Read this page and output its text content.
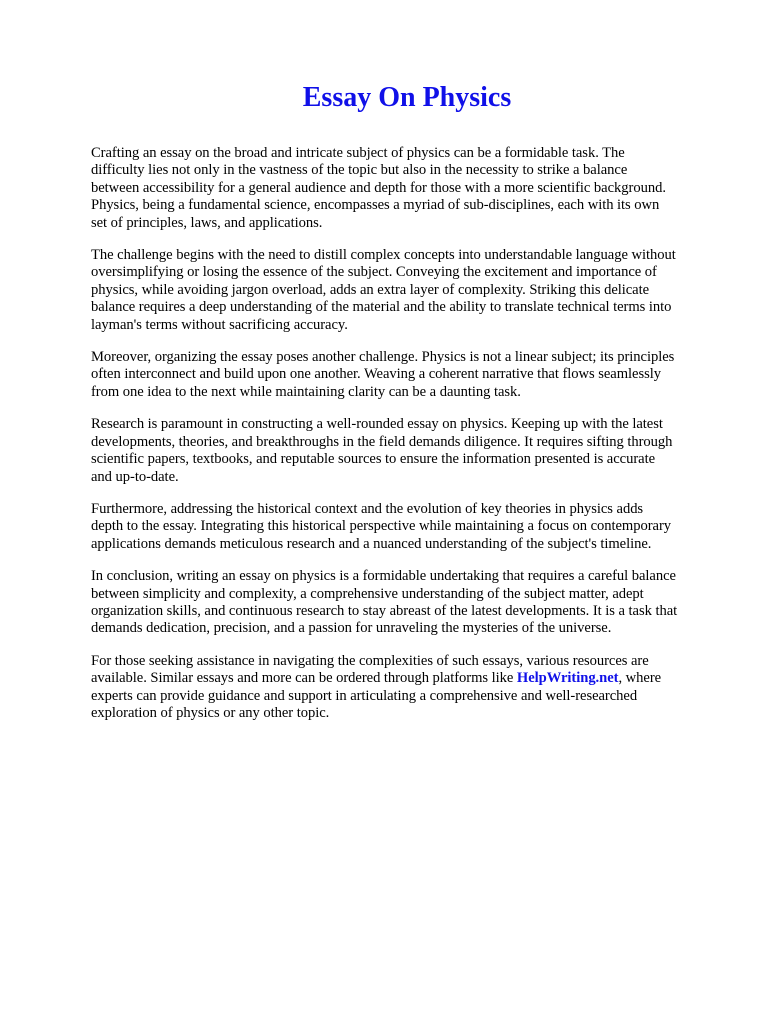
Essay On Physics

Crafting an essay on the broad and intricate subject of physics can be a formidable task. The
difficulty lies not only in the vastness of the topic but also in the necessity to strike a balance
between accessibility for a general audience and depth for those with a more scientific background.
Physics, being a fundamental science, encompasses a myriad of sub-disciplines, each with its own
set of principles, laws, and applications.

The challenge begins with the need to distill complex concepts into understandable language without
oversimplifying or losing the essence of the subject. Conveying the excitement and importance of
physics, while avoiding jargon overload, adds an extra layer of complexity. Striking this delicate
balance requires a deep understanding of the material and the ability to translate technical terms into
layman's terms without sacrificing accuracy.

Moreover, organizing the essay poses another challenge. Physics is not a linear subject; its principles
often interconnect and build upon one another. Weaving a coherent narrative that flows seamlessly
from one idea to the next while maintaining clarity can be a daunting task.

Research is paramount in constructing a well-rounded essay on physics. Keeping up with the latest
developments, theories, and breakthroughs in the field demands diligence. It requires sifting through
scientific papers, textbooks, and reputable sources to ensure the information presented is accurate
and up-to-date.

Furthermore, addressing the historical context and the evolution of key theories in physics adds
depth to the essay. Integrating this historical perspective while maintaining a focus on contemporary
applications demands meticulous research and a nuanced understanding of the subject's timeline.

In conclusion, writing an essay on physics is a formidable undertaking that requires a careful balance
between simplicity and complexity, a comprehensive understanding of the subject matter, adept
organization skills, and continuous research to stay abreast of the latest developments. It is a task that
demands dedication, precision, and a passion for unraveling the mysteries of the universe.

For those seeking assistance in navigating the complexities of such essays, various resources are
available. Similar essays and more can be ordered through platforms like HelpWriting.net, where
experts can provide guidance and support in articulating a comprehensive and well-researched
exploration of physics or any other topic.
